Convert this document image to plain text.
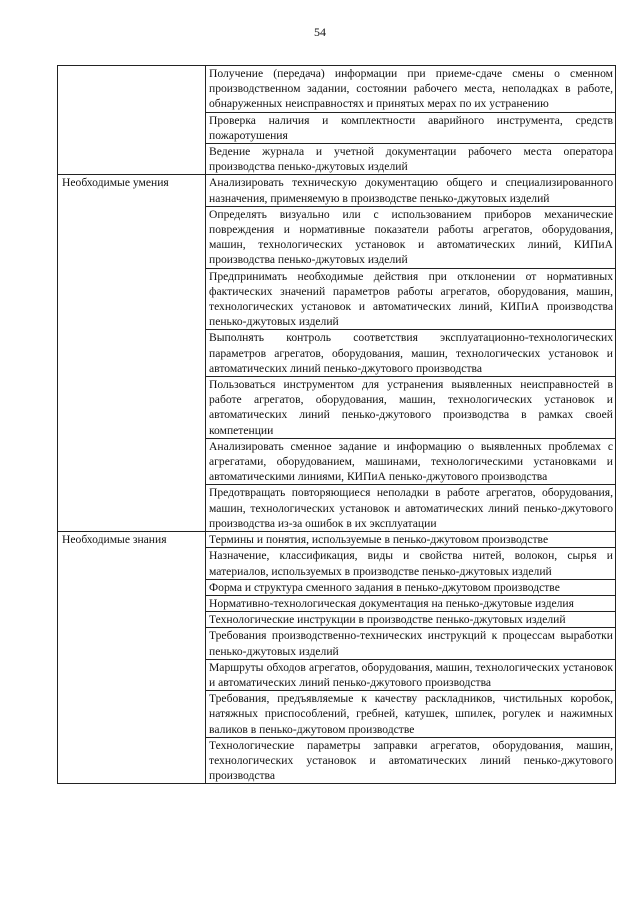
54
	Получение (передача) информации при приеме-сдаче смены о сменном производственном задании, состоянии рабочего места, неполадках в работе, обнаруженных неисправностях и принятых мерах по их устранению
	Проверка наличия и комплектности аварийного инструмента, средств пожаротушения
	Ведение журнала и учетной документации рабочего места оператора производства пенько-джутовых изделий
Необходимые умения	Анализировать техническую документацию общего и специализированного назначения, применяемую в производстве пенько-джутовых изделий
	Определять визуально или с использованием приборов механические повреждения и нормативные показатели работы агрегатов, оборудования, машин, технологических установок и автоматических линий, КИПиА производства пенько-джутовых изделий
	Предпринимать необходимые действия при отклонении от нормативных фактических значений параметров работы агрегатов, оборудования, машин, технологических установок и автоматических линий, КИПиА производства пенько-джутовых изделий
	Выполнять контроль соответствия эксплуатационно-технологических параметров агрегатов, оборудования, машин, технологических установок и автоматических линий пенько-джутового производства
	Пользоваться инструментом для устранения выявленных неисправностей в работе агрегатов, оборудования, машин, технологических установок и автоматических линий пенько-джутового производства в рамках своей компетенции
	Анализировать сменное задание и информацию о выявленных проблемах с агрегатами, оборудованием, машинами, технологическими установками и автоматическими линиями, КИПиА пенько-джутового производства
	Предотвращать повторяющиеся неполадки в работе агрегатов, оборудования, машин, технологических установок и автоматических линий пенько-джутового производства из-за ошибок в их эксплуатации
Необходимые знания	Термины и понятия, используемые в пенько-джутовом производстве
	Назначение, классификация, виды и свойства нитей, волокон, сырья и материалов, используемых в производстве пенько-джутовых изделий
	Форма и структура сменного задания в пенько-джутовом производстве
	Нормативно-технологическая документация на пенько-джутовые изделия
	Технологические инструкции в производстве пенько-джутовых изделий
	Требования производственно-технических инструкций к процессам выработки пенько-джутовых изделий
	Маршруты обходов агрегатов, оборудования, машин, технологических установок и автоматических линий пенько-джутового производства
	Требования, предъявляемые к качеству раскладников, чистильных коробок, натяжных приспособлений, гребней, катушек, шпилек, рогулек и нажимных валиков в пенько-джутовом производстве
	Технологические параметры заправки агрегатов, оборудования, машин, технологических установок и автоматических линий пенько-джутового производства
